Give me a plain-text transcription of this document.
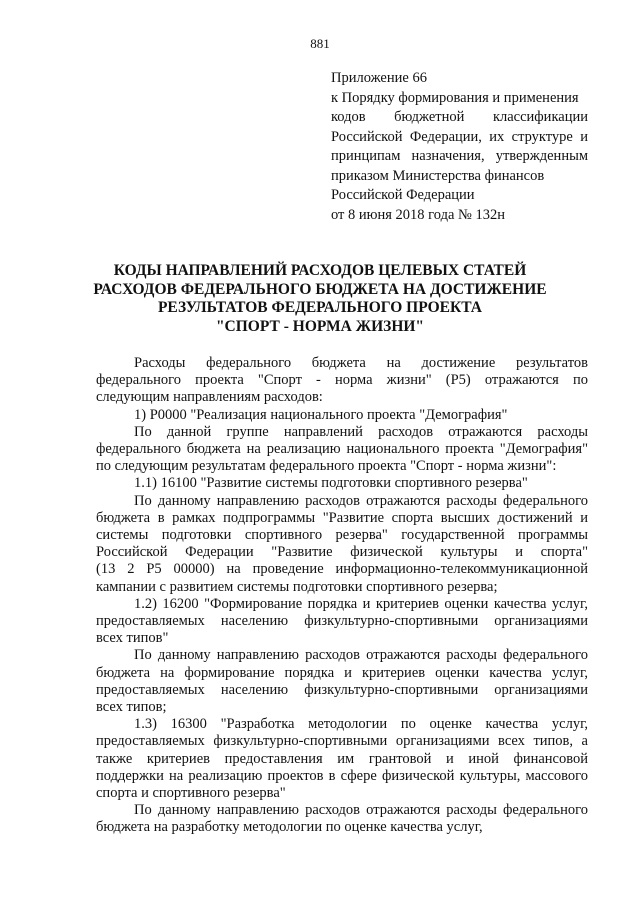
881
Приложение 66
к Порядку формирования и применения
кодов бюджетной классификации
Российской Федерации, их структуре и
принципам назначения, утвержденным
приказом Министерства финансов
Российской Федерации
от 8 июня 2018 года № 132н
КОДЫ НАПРАВЛЕНИЙ РАСХОДОВ ЦЕЛЕВЫХ СТАТЕЙ
РАСХОДОВ ФЕДЕРАЛЬНОГО БЮДЖЕТА НА ДОСТИЖЕНИЕ
РЕЗУЛЬТАТОВ ФЕДЕРАЛЬНОГО ПРОЕКТА
"СПОРТ - НОРМА ЖИЗНИ"
Расходы федерального бюджета на достижение результатов
федерального проекта "Спорт - норма жизни" (P5) отражаются по
следующим направлениям расходов:
1) P0000 "Реализация национального проекта "Демография"
По данной группе направлений расходов отражаются расходы
федерального бюджета на реализацию национального проекта "Демография"
по следующим результатам федерального проекта "Спорт - норма жизни":
1.1) 16100 "Развитие системы подготовки спортивного резерва"
По данному направлению расходов отражаются расходы федерального
бюджета в рамках подпрограммы "Развитие спорта высших достижений и
системы подготовки спортивного резерва" государственной программы
Российской Федерации "Развитие физической культуры и спорта"
(13 2 P5 00000) на проведение информационно-телекоммуникационной
кампании с развитием системы подготовки спортивного резерва;
1.2) 16200 "Формирование порядка и критериев оценки качества услуг,
предоставляемых населению физкультурно-спортивными организациями
всех типов"
По данному направлению расходов отражаются расходы федерального
бюджета на формирование порядка и критериев оценки качества услуг,
предоставляемых населению физкультурно-спортивными организациями
всех типов;
1.3) 16300 "Разработка методологии по оценке качества услуг,
предоставляемых физкультурно-спортивными организациями всех типов, а
также критериев предоставления им грантовой и иной финансовой
поддержки на реализацию проектов в сфере физической культуры, массового
спорта и спортивного резерва"
По данному направлению расходов отражаются расходы федерального
бюджета на разработку методологии по оценке качества услуг,
